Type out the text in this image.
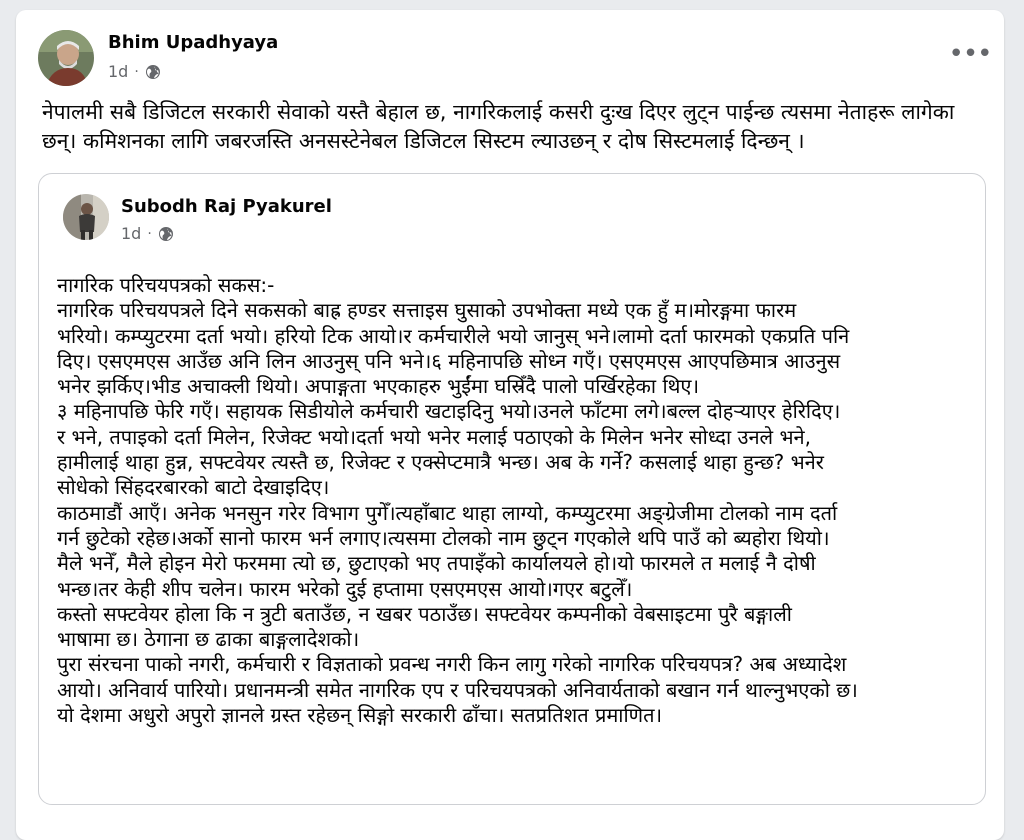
Bhim Upadhyaya
1d ·
•••
नेपालमी सबै डिजिटल सरकारी सेवाको यस्तै बेहाल छ, नागरिकलाई कसरी दुःख दिएर लुट्न पाईन्छ त्यसमा नेताहरू लागेका छन्। कमिशनका लागि जबरजस्ति अनसस्टेनेबल डिजिटल सिस्टम ल्याउछन् र दोष सिस्टमलाई दिन्छन् ।
Subodh Raj Pyakurel
1d ·
नागरिक परिचयपत्रको सकस:-
नागरिक परिचयपत्रले दिने सकसको बाह्र हण्डर सत्ताइस घुसाको उपभोक्ता मध्ये एक हुँ म।मोरङ्गमा फारम
भरियो। कम्प्युटरमा दर्ता भयो। हरियो टिक आयो।र कर्मचारीले भयो जानुस् भने।लामो दर्ता फारमको एकप्रति पनि
दिए। एसएमएस आउँछ अनि लिन आउनुस् पनि भने।६ महिनापछि सोध्न गएँ। एसएमएस आएपछिमात्र आउनुस
भनेर झर्किए।भीड अचाक्ली थियो। अपाङ्गता भएकाहरु भुईंमा घस्रिँदै पालो पर्खिरहेका थिए।
३ महिनापछि फेरि गएँ। सहायक सिडीयोले कर्मचारी खटाइदिनु भयो।उनले फाँटमा लगे।बल्ल दोहर्‍याएर हेरिदिए।
र भने, तपाइको दर्ता मिलेन, रिजेक्ट भयो।दर्ता भयो भनेर मलाई पठाएको के मिलेन भनेर सोध्दा उनले भने,
हामीलाई थाहा हुन्न, सफ्टवेयर त्यस्तै छ, रिजेक्ट र एक्सेप्टमात्रै भन्छ। अब के गर्ने? कसलाई थाहा हुन्छ? भनेर
सोधेको सिंहदरबारको बाटो देखाइदिए।
काठमाडौं आएँ। अनेक भनसुन गरेर विभाग पुगेँ।त्यहाँबाट थाहा लाग्यो, कम्प्युटरमा अङ्ग्रेजीमा टोलको नाम दर्ता
गर्न छुटेको रहेछ।अर्को सानो फारम भर्न लगाए।त्यसमा टोलको नाम छुट्न गएकोले थपि पाउँ को ब्यहोरा थियो।
मैले भनेँ, मैले होइन मेरो फरममा त्यो छ, छुटाएको भए तपाइँको कार्यालयले हो।यो फारमले त मलाई नै दोषी
भन्छ।तर केही शीप चलेन। फारम भरेको दुई हप्तामा एसएमएस आयो।गएर बटुलेँ।
कस्तो सफ्टवेयर होला कि न त्रुटी बताउँछ, न खबर पठाउँछ। सफ्टवेयर कम्पनीको वेबसाइटमा पुरै बङ्गाली
भाषामा छ। ठेगाना छ ढाका बाङ्गलादेशको।
पुरा संरचना पाको नगरी, कर्मचारी र विज्ञताको प्रवन्ध नगरी किन लागु गरेको नागरिक परिचयपत्र? अब अध्यादेश
आयो। अनिवार्य पारियो। प्रधानमन्त्री समेत नागरिक एप र परिचयपत्रको अनिवार्यताको बखान गर्न थाल्नुभएको छ।
यो देशमा अधुरो अपुरो ज्ञानले ग्रस्त रहेछन् सिङ्गो सरकारी ढाँचा। सतप्रतिशत प्रमाणित।
